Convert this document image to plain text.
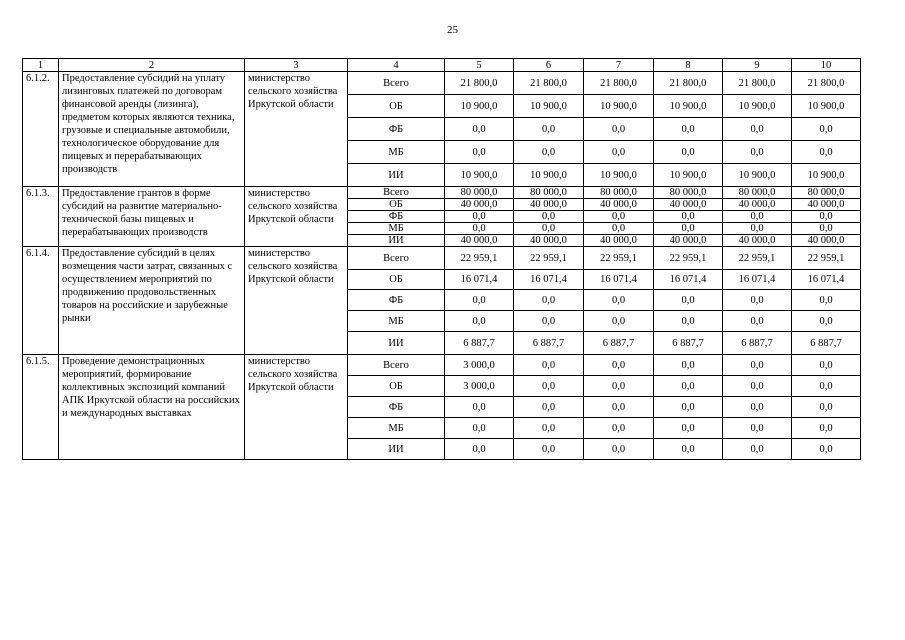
25
1	2	3	4	5	6	7	8	9	10
6.1.2.	Предоставление субсидий на уплату лизинговых платежей по договорам финансовой аренды (лизинга), предметом которых являются техника, грузовые и специальные автомобили, технологическое оборудование для пищевых и перерабатывающих производств	министерство сельского хозяйства Иркутской области	Всего	21 800,0	21 800,0	21 800,0	21 800,0	21 800,0	21 800,0
			ОБ	10 900,0	10 900,0	10 900,0	10 900,0	10 900,0	10 900,0
			ФБ	0,0	0,0	0,0	0,0	0,0	0,0
			МБ	0,0	0,0	0,0	0,0	0,0	0,0
			ИИ	10 900,0	10 900,0	10 900,0	10 900,0	10 900,0	10 900,0
6.1.3.	Предоставление грантов в форме субсидий на развитие материально-технической базы пищевых и перерабатывающих производств	министерство сельского хозяйства Иркутской области	Всего	80 000,0	80 000,0	80 000,0	80 000,0	80 000,0	80 000,0
			ОБ	40 000,0	40 000,0	40 000,0	40 000,0	40 000,0	40 000,0
			ФБ	0,0	0,0	0,0	0,0	0,0	0,0
			МБ	0,0	0,0	0,0	0,0	0,0	0,0
			ИИ	40 000,0	40 000,0	40 000,0	40 000,0	40 000,0	40 000,0
6.1.4.	Предоставление субсидий в целях возмещения части затрат, связанных с осуществлением мероприятий по продвижению продовольственных товаров на российские и зарубежные рынки	министерство сельского хозяйства Иркутской области	Всего	22 959,1	22 959,1	22 959,1	22 959,1	22 959,1	22 959,1
			ОБ	16 071,4	16 071,4	16 071,4	16 071,4	16 071,4	16 071,4
			ФБ	0,0	0,0	0,0	0,0	0,0	0,0
			МБ	0,0	0,0	0,0	0,0	0,0	0,0
			ИИ	6 887,7	6 887,7	6 887,7	6 887,7	6 887,7	6 887,7
6.1.5.	Проведение демонстрационных мероприятий, формирование коллективных экспозиций компаний АПК Иркутской области на российских и международных выставках	министерство сельского хозяйства Иркутской области	Всего	3 000,0	0,0	0,0	0,0	0,0	0,0
			ОБ	3 000,0	0,0	0,0	0,0	0,0	0,0
			ФБ	0,0	0,0	0,0	0,0	0,0	0,0
			МБ	0,0	0,0	0,0	0,0	0,0	0,0
			ИИ	0,0	0,0	0,0	0,0	0,0	0,0
